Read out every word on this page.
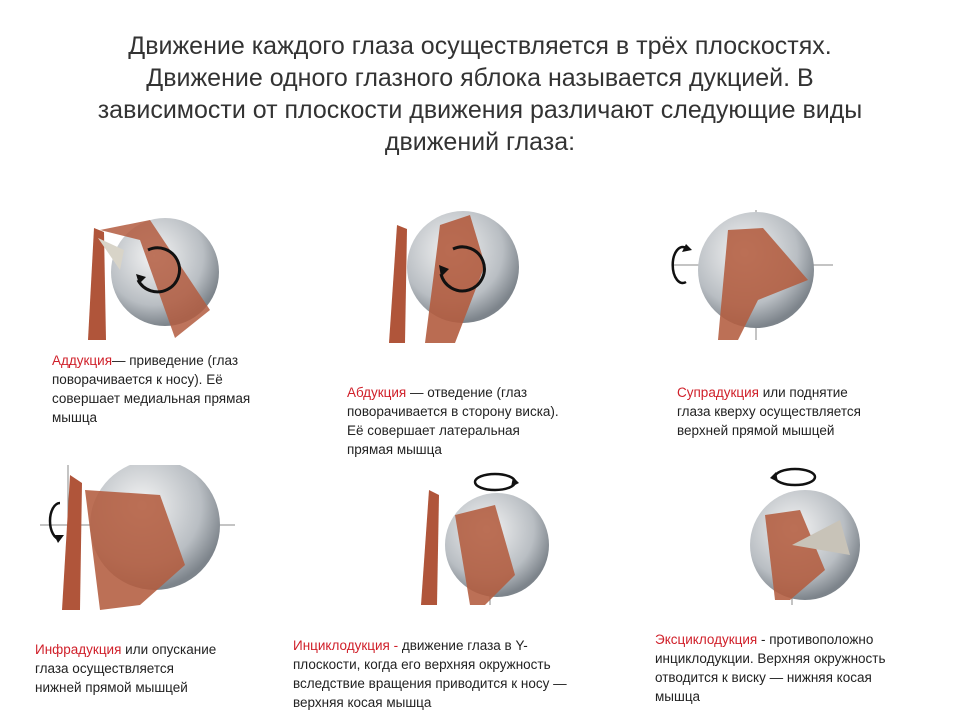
Движение каждого глаза осуществляется в трёх плоскостях.
Движение одного глазного яблока называется дукцией. В
зависимости от плоскости движения различают следующие виды
движений глаза:
Аддукция— приведение (глаз
поворачивается к носу). Её
совершает медиальная прямая
мышца
Абдукция — отведение (глаз
поворачивается в сторону виска).
Её совершает латеральная
прямая мышца
Супрадукция или поднятие
глаза кверху осуществляется
верхней прямой мышцей
Инфрадукция или опускание
глаза осуществляется
нижней прямой мышцей
Инциклодукция - движение глаза в Y-
плоскости, когда его верхняя окружность
вследствие вращения приводится к носу —
верхняя косая мышца
Эксциклодукция - противоположно
инциклодукции. Верхняя окружность
отводится к виску — нижняя косая
мышца
